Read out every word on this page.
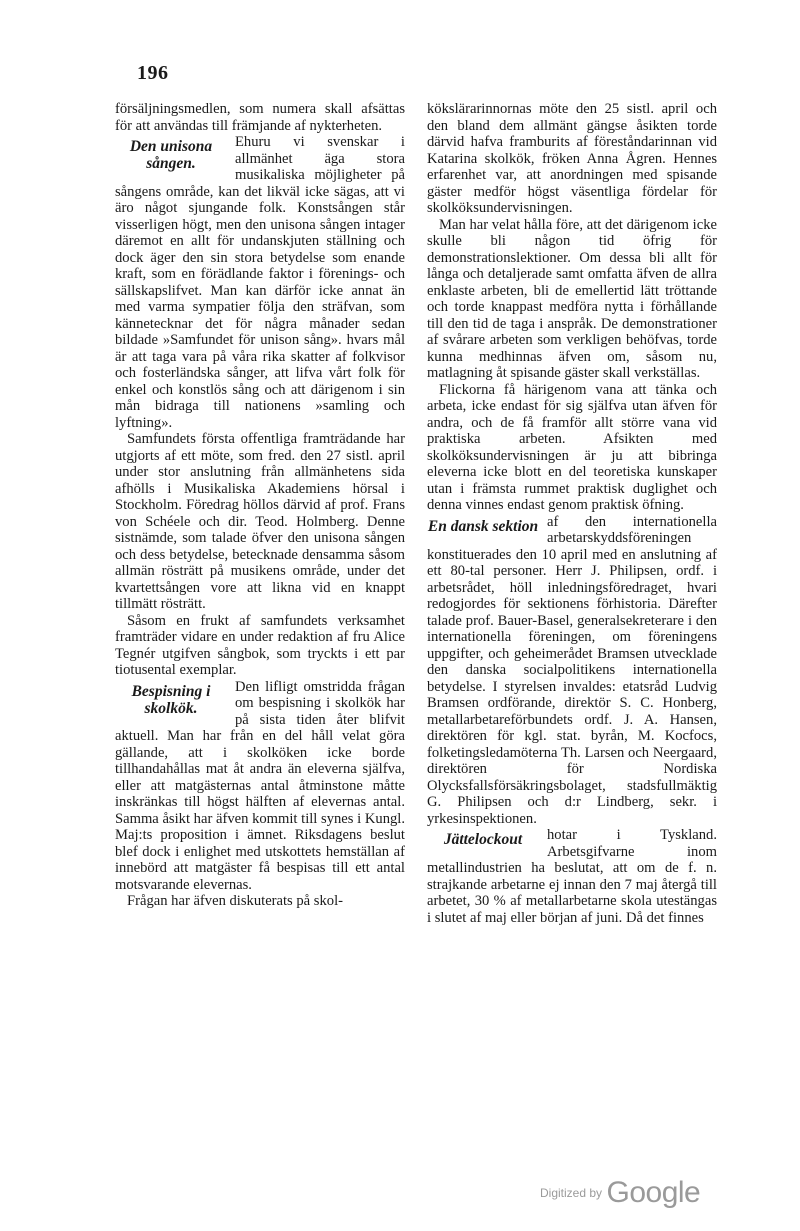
196

försäljningsmedlen, som numera skall afsättas för att användas till främjande af nykterheten.

Den unisona sången.

Ehuru vi svenskar i allmänhet äga stora musikaliska möjligheter på sångens område, kan det likväl icke sägas, att vi äro något sjungande folk. Konstsången står visserligen högt, men den unisona sången intager däremot en allt för undanskjuten ställning och dock äger den sin stora betydelse som enande kraft, som en förädlande faktor i förenings- och sällskapslifvet. Man kan därför icke annat än med varma sympatier följa den sträfvan, som kännetecknar det för några månader sedan bildade »Samfundet för unison sång». hvars mål är att taga vara på våra rika skatter af folkvisor och fosterländska sånger, att lifva vårt folk för enkel och konstlös sång och att därigenom i sin mån bidraga till nationens »samling och lyftning».

Samfundets första offentliga framträdande har utgjorts af ett möte, som fred. den 27 sistl. april under stor anslutning från allmänhetens sida afhölls i Musikaliska Akademiens hörsal i Stockholm. Föredrag höllos därvid af prof. Frans von Schéele och dir. Teod. Holmberg. Denne sistnämde, som talade öfver den unisona sången och dess betydelse, betecknade densamma såsom allmän rösträtt på musikens område, under det kvartettsången vore att likna vid en knappt tillmätt rösträtt.

Såsom en frukt af samfundets verksamhet framträder vidare en under redaktion af fru Alice Tegnér utgifven sångbok, som tryckts i ett par tiotusental exemplar.

Bespisning i skolkök.

Den lifligt omstridda frågan om bespisning i skolkök har på sista tiden åter blifvit aktuell. Man har från en del håll velat göra gällande, att i skolköken icke borde tillhandahållas mat åt andra än eleverna själfva, eller att matgästernas antal åtminstone måtte inskränkas till högst hälften af elevernas antal. Samma åsikt har äfven kommit till synes i Kungl. Maj:ts proposition i ämnet. Riksdagens beslut blef dock i enlighet med utskottets hemställan af innebörd att matgäster få bespisas till ett antal motsvarande elevernas.

Frågan har äfven diskuterats på skol-

kökslärarinnornas möte den 25 sistl. april och den bland dem allmänt gängse åsikten torde därvid hafva framburits af föreståndarinnan vid Katarina skolkök, fröken Anna Ågren. Hennes erfarenhet var, att anordningen med spisande gäster medför högst väsentliga fördelar för skolköksundervisningen.

Man har velat hålla före, att det därigenom icke skulle bli någon tid öfrig för demonstrationslektioner. Om dessa bli allt för långa och detaljerade samt omfatta äfven de allra enklaste arbeten, bli de emellertid lätt tröttande och torde knappast medföra nytta i förhållande till den tid de taga i anspråk. De demonstrationer af svårare arbeten som verkligen behöfvas, torde kunna medhinnas äfven om, såsom nu, matlagning åt spisande gäster skall verkställas.

Flickorna få härigenom vana att tänka och arbeta, icke endast för sig själfva utan äfven för andra, och de få framför allt större vana vid praktiska arbeten. Afsikten med skolköksundervisningen är ju att bibringa eleverna icke blott en del teoretiska kunskaper utan i främsta rummet praktisk duglighet och denna vinnes endast genom praktisk öfning.

En dansk sektion af den internationella arbetarskyddsföreningen konstituerades den 10 april med en anslutning af ett 80-tal personer. Herr J. Philipsen, ordf. i arbetsrådet, höll inledningsföredraget, hvari redogjordes för sektionens förhistoria. Därefter talade prof. Bauer-Basel, generalsekreterare i den internationella föreningen, om föreningens uppgifter, och geheimerådet Bramsen utvecklade den danska socialpolitikens internationella betydelse. I styrelsen invaldes: etatsråd Ludvig Bramsen ordförande, direktör S. C. Honberg, metallarbetareförbundets ordf. J. A. Hansen, direktören för kgl. stat. byrån, M. Kocfocs, folketingsledamöterna Th. Larsen och Neergaard, direktören för Nordiska Olycksfallsförsäkringsbolaget, stadsfullmäktig G. Philipsen och d:r Lindberg, sekr. i yrkesinspektionen.

Jättelockout	hotar i Tyskland. Arbetsgifvarne inom metallindustrien ha beslutat, att om de f. n. strajkande arbetarne ej innan den 7 maj återgå till arbetet, 30 % af metallarbetarne skola utestängas i slutet af maj eller början af juni. Då det finnes

Digitized by Google
